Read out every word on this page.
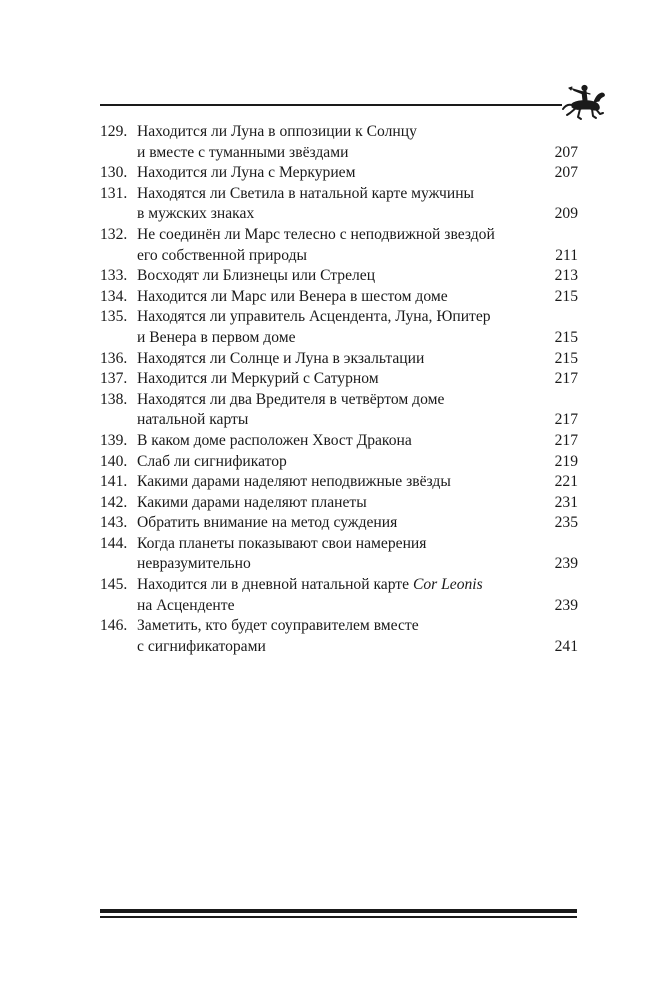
129. Находится ли Луна в оппозиции к Солнцу
и вместе с туманными звёздами	207
130. Находится ли Луна с Меркурием	207
131. Находятся ли Светила в натальной карте мужчины
в мужских знаках	209
132. Не соединён ли Марс телесно с неподвижной звездой
его собственной природы	211
133. Восходят ли Близнецы или Стрелец	213
134. Находится ли Марс или Венера в шестом доме	215
135. Находятся ли управитель Асцендента, Луна, Юпитер
и Венера в первом доме	215
136. Находятся ли Солнце и Луна в экзальтации	215
137. Находится ли Меркурий с Сатурном	217
138. Находятся ли два Вредителя в четвёртом доме
натальной карты	217
139. В каком доме расположен Хвост Дракона	217
140. Слаб ли сигнификатор	219
141. Какими дарами наделяют неподвижные звёзды	221
142. Какими дарами наделяют планеты	231
143. Обратить внимание на метод суждения	235
144. Когда планеты показывают свои намерения
невразумительно	239
145. Находится ли в дневной натальной карте Cor Leonis
на Асценденте	239
146. Заметить, кто будет соуправителем вместе
с сигнификаторами	241
